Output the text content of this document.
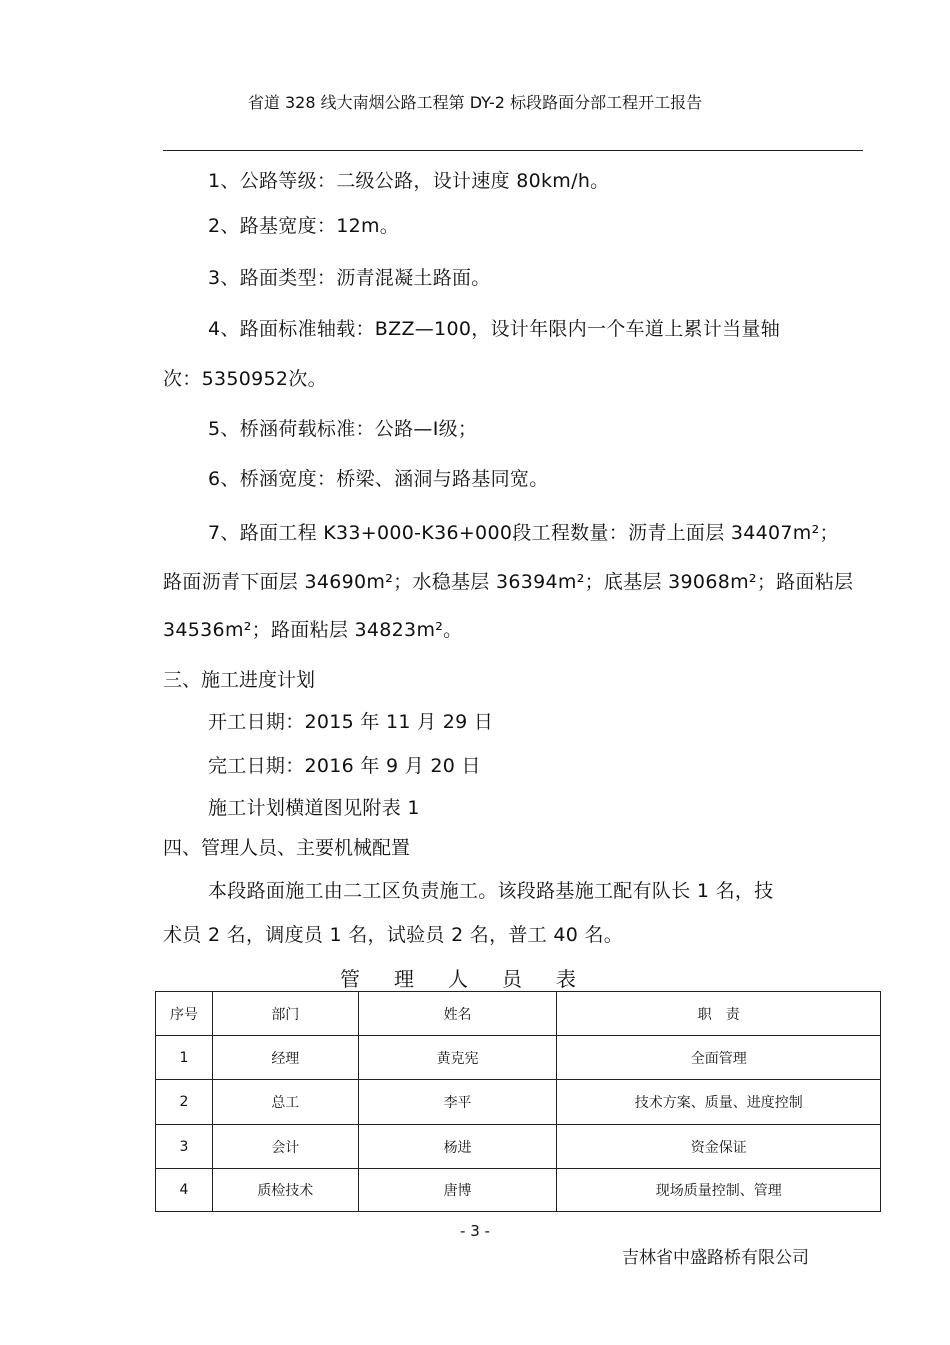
省道 328 线大南烟公路工程第 DY-2 标段路面分部工程开工报告
1、公路等级：二级公路，设计速度 80km/h。
2、路基宽度：12m。
3、路面类型：沥青混凝土路面。
4、路面标准轴载：BZZ—100，设计年限内一个车道上累计当量轴
次：5350952次。
5、桥涵荷载标准：公路—Ⅰ级；
6、桥涵宽度：桥梁、涵洞与路基同宽。
7、路面工程 K33+000-K36+000段工程数量：沥青上面层 34407m²；
路面沥青下面层 34690m²；水稳基层 36394m²；底基层 39068m²；路面粘层
34536m²；路面粘层 34823m²。
三、施工进度计划
开工日期：2015 年 11 月 29 日
完工日期：2016 年 9 月 20 日
施工计划横道图见附表 1
四、管理人员、主要机械配置
本段路面施工由二工区负责施工。该段路基施工配有队长 1 名，技
术员 2 名，调度员 1 名，试验员 2 名，普工 40 名。
管理人员表
序号	部门	姓名	职　责
1	经理	黄克宪	全面管理
2	总工	李平	技术方案、质量、进度控制
3	会计	杨进	资金保证
4	质检技术	唐博	现场质量控制、管理
- 3 -
吉林省中盛路桥有限公司
